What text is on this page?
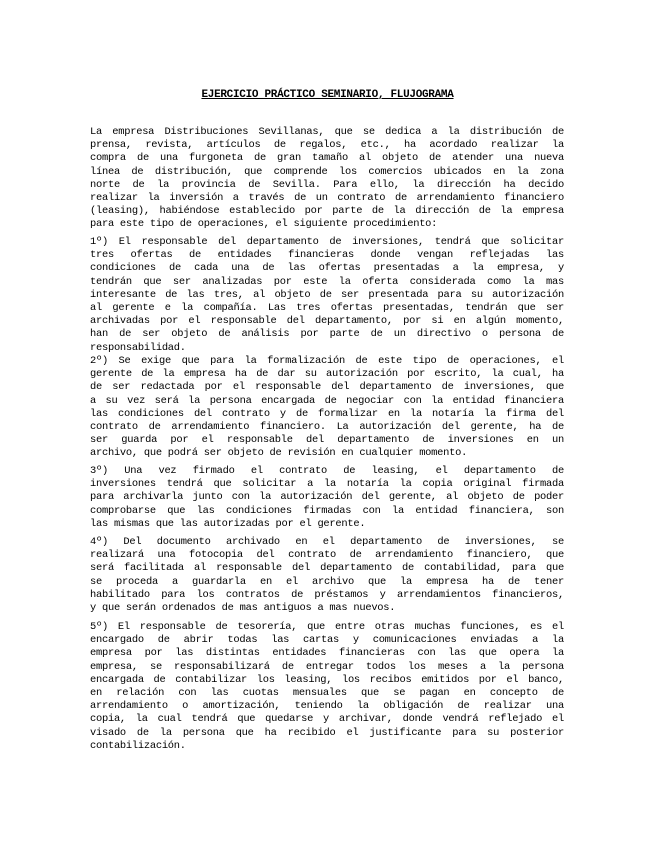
EJERCICIO PRÁCTICO SEMINARIO, FLUJOGRAMA
La empresa Distribuciones Sevillanas, que se dedica a la distribución de
prensa, revista, artículos de regalos, etc., ha acordado realizar la
compra de una furgoneta de gran tamaño al objeto de atender una nueva
línea de distribución, que comprende los comercios ubicados en la zona
norte de la provincia de Sevilla. Para ello, la dirección ha decido
realizar la inversión a través de un contrato de arrendamiento financiero
(leasing), habiéndose establecido por parte de la dirección de la empresa
para este tipo de operaciones, el siguiente procedimiento:
1º) El responsable del departamento de inversiones, tendrá que solicitar
tres ofertas de entidades financieras donde vengan reflejadas las
condiciones de cada una de las ofertas presentadas a la empresa, y
tendrán que ser analizadas por este la oferta considerada como la mas
interesante de las tres, al objeto de ser presentada para su autorización
al gerente e la compañía. Las tres ofertas presentadas, tendrán que ser
archivadas por el responsable del departamento, por si en algún momento,
han de ser objeto de análisis por parte de un directivo o persona de
responsabilidad.
2º) Se exige que para la formalización de este tipo de operaciones, el
gerente de la empresa ha de dar su autorización por escrito, la cual, ha
de ser redactada por el responsable del departamento de inversiones, que
a su vez será la persona encargada de negociar con la entidad financiera
las condiciones del contrato y de formalizar en la notaría la firma del
contrato de arrendamiento financiero. La autorización del gerente, ha de
ser guarda por el responsable del departamento de inversiones en un
archivo, que podrá ser objeto de revisión en cualquier momento.
3º) Una vez firmado el contrato de leasing, el departamento de
inversiones tendrá que solicitar a la notaría la copia original firmada
para archivarla junto con la autorización del gerente, al objeto de poder
comprobarse que las condiciones firmadas con la entidad financiera, son
las mismas que las autorizadas por el gerente.
4º) Del documento archivado en el departamento de inversiones, se
realizará una fotocopia del contrato de arrendamiento financiero, que
será facilitada al responsable del departamento de contabilidad, para que
se proceda a guardarla en el archivo que la empresa ha de tener
habilitado para los contratos de préstamos y arrendamientos financieros,
y que serán ordenados de mas antiguos a mas nuevos.
5º) El responsable de tesorería, que entre otras muchas funciones, es el
encargado de abrir todas las cartas y comunicaciones enviadas a la
empresa por las distintas entidades financieras con las que opera la
empresa, se responsabilizará de entregar todos los meses a la persona
encargada de contabilizar los leasing, los recibos emitidos por el banco,
en relación con las cuotas mensuales que se pagan en concepto de
arrendamiento o amortización, teniendo la obligación de realizar una
copia, la cual tendrá que quedarse y archivar, donde vendrá reflejado el
visado de la persona que ha recibido el justificante para su posterior
contabilización.
